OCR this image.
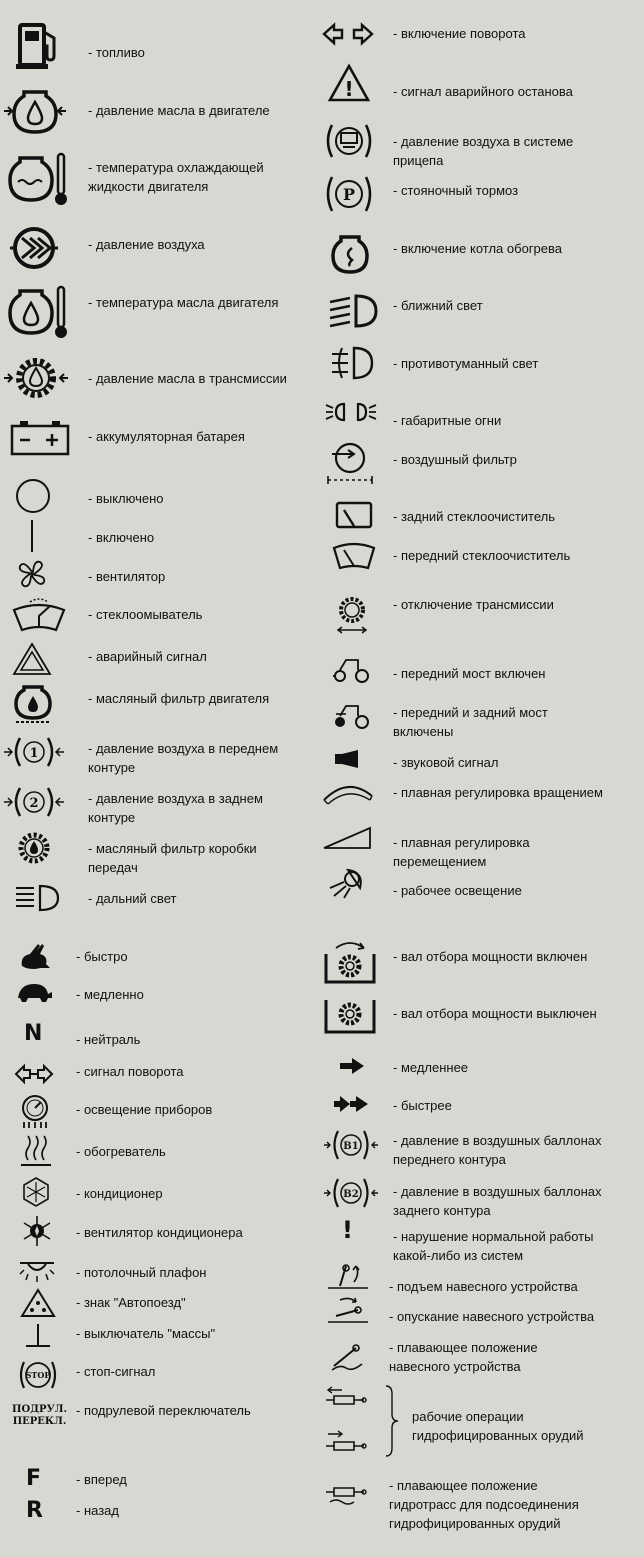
- топливо
- давление масла в двигателе
- температура охлаждающей
жидкости двигателя
- давление воздуха
- температура масла двигателя
- давление масла в трансмиссии
- аккумуляторная батарея
- выключено
- включено
- вентилятор
- стеклоомыватель
- аварийный сигнал
- масляный фильтр двигателя
1	- давление воздуха в переднем
контуре
2	- давление воздуха в заднем
контуре
- масляный фильтр коробки
передач
- дальний свет
- быстро
- медленно
N	- нейтраль
- сигнал поворота
- освещение приборов
- обогреватель
- кондиционер
- вентилятор кондиционера
- потолочный плафон
- знак "Автопоезд"
- выключатель "массы"
STOP - стоп-сигнал
ПОДРУЛ.
ПЕРЕКЛ.
- подрулевой переключатель
F	- вперед
R	- назад
- включение поворота
!	- сигнал аварийного останова
- давление воздуха в системе
прицепа
P	- стояночный тормоз
- включение котла обогрева
- ближний свет
- противотуманный свет
- габаритные огни
- воздушный фильтр
- задний стеклоочиститель
- передний стеклоочиститель
- отключение трансмиссии
- передний мост включен
- передний и задний мост
включены
- звуковой сигнал
- плавная регулировка вращением
- плавная регулировка
перемещением
- рабочее освещение
- вал отбора мощности включен
- вал отбора мощности выключен
- медленнее
- быстрее
B1	- давление в воздушных баллонах
переднего контура
B2	- давление в воздушных баллонах
заднего контура
!	- нарушение нормальной работы
какой-либо из систем
- подъем навесного устройства
- опускание навесного устройства
- плавающее положение
навесного устройства
рабочие операции
гидрофицированных орудий
- плавающее положение
гидротрасс для подсоединения
гидрофицированных орудий
